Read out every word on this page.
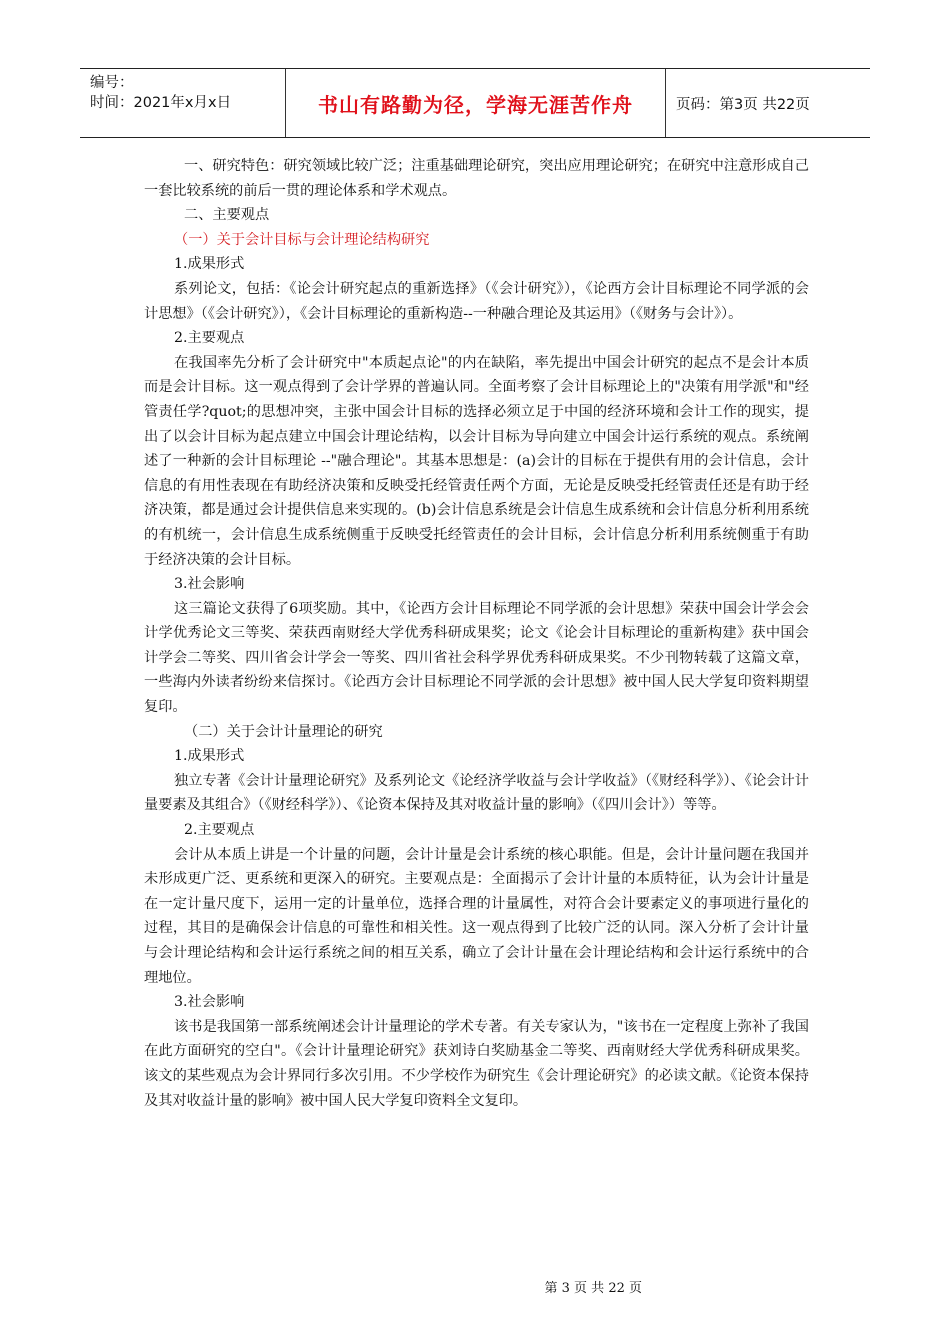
编号：
时间：2021年x月x日	书山有路勤为径，学海无涯苦作舟	页码：第3页 共22页

一、研究特色：研究领域比较广泛；注重基础理论研究，突出应用理论研究；在研究中注意形成自己一套比较系统的前后一贯的理论体系和学术观点。

二、主要观点

（一）关于会计目标与会计理论结构研究

1.成果形式

系列论文，包括：《论会计研究起点的重新选择》（《会计研究》），《论西方会计目标理论不同学派的会计思想》（《会计研究》），《会计目标理论的重新构造--一种融合理论及其运用》（《财务与会计》）。

2.主要观点

在我国率先分析了会计研究中"本质起点论"的内在缺陷，率先提出中国会计研究的起点不是会计本质而是会计目标。这一观点得到了会计学界的普遍认同。全面考察了会计目标理论上的"决策有用学派"和"经管责任学?quot;的思想冲突，主张中国会计目标的选择必须立足于中国的经济环境和会计工作的现实，提出了以会计目标为起点建立中国会计理论结构，以会计目标为导向建立中国会计运行系统的观点。系统阐述了一种新的会计目标理论 --"融合理论"。其基本思想是：(a)会计的目标在于提供有用的会计信息，会计信息的有用性表现在有助经济决策和反映受托经管责任两个方面，无论是反映受托经管责任还是有助于经济决策，都是通过会计提供信息来实现的。(b)会计信息系统是会计信息生成系统和会计信息分析利用系统的有机统一，会计信息生成系统侧重于反映受托经管责任的会计目标，会计信息分析利用系统侧重于有助于经济决策的会计目标。

3.社会影响

这三篇论文获得了6项奖励。其中，《论西方会计目标理论不同学派的会计思想》荣获中国会计学会会计学优秀论文三等奖、荣获西南财经大学优秀科研成果奖；论文《论会计目标理论的重新构建》获中国会计学会二等奖、四川省会计学会一等奖、四川省社会科学界优秀科研成果奖。不少刊物转载了这篇文章，一些海内外读者纷纷来信探讨。《论西方会计目标理论不同学派的会计思想》被中国人民大学复印资料期望复印。

（二）关于会计计量理论的研究

1.成果形式

独立专著《会计计量理论研究》及系列论文《论经济学收益与会计学收益》（《财经科学》）、《论会计计量要素及其组合》（《财经科学》）、《论资本保持及其对收益计量的影响》（《四川会计》）等等。

2.主要观点

会计从本质上讲是一个计量的问题，会计计量是会计系统的核心职能。但是，会计计量问题在我国并未形成更广泛、更系统和更深入的研究。主要观点是：全面揭示了会计计量的本质特征，认为会计计量是在一定计量尺度下，运用一定的计量单位，选择合理的计量属性，对符合会计要素定义的事项进行量化的过程，其目的是确保会计信息的可靠性和相关性。这一观点得到了比较广泛的认同。深入分析了会计计量与会计理论结构和会计运行系统之间的相互关系，确立了会计计量在会计理论结构和会计运行系统中的合理地位。

3.社会影响

该书是我国第一部系统阐述会计计量理论的学术专著。有关专家认为，"该书在一定程度上弥补了我国在此方面研究的空白"。《会计计量理论研究》获刘诗白奖励基金二等奖、西南财经大学优秀科研成果奖。该文的某些观点为会计界同行多次引用。不少学校作为研究生《会计理论研究》的必读文献。《论资本保持及其对收益计量的影响》被中国人民大学复印资料全文复印。

第 3 页 共 22 页
